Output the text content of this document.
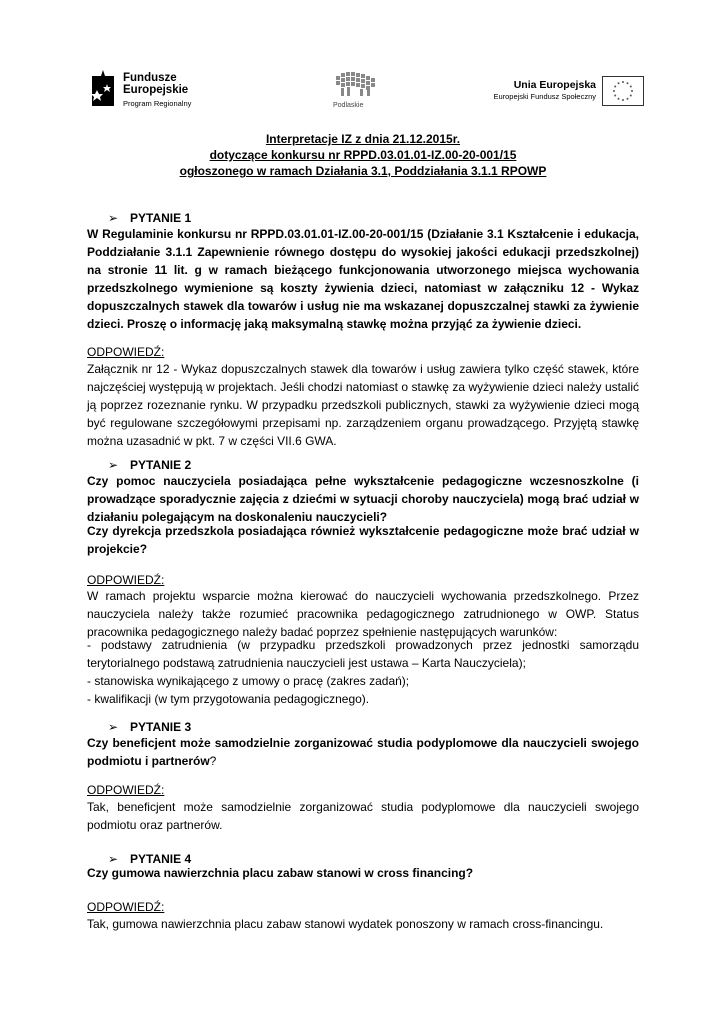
Fundusze
Europejskie
Program Regionalny	Podlaskie
Unia Europejska
Europejski Fundusz Społeczny
Interpretacje IZ z dnia 21.12.2015r.
dotyczące konkursu nr RPPD.03.01.01-IZ.00-20-001/15
ogłoszonego w ramach Działania 3.1, Poddziałania 3.1.1 RPOWP
➢ PYTANIE 1
W Regulaminie konkursu nr RPPD.03.01.01-IZ.00-20-001/15 (Działanie 3.1 Kształcenie i edukacja, Poddziałanie 3.1.1 Zapewnienie równego dostępu do wysokiej jakości edukacji przedszkolnej) na stronie 11 lit. g w ramach bieżącego funkcjonowania utworzonego miejsca wychowania przedszkolnego wymienione są koszty żywienia dzieci, natomiast w załączniku 12 - Wykaz dopuszczalnych stawek dla towarów i usług nie ma wskazanej dopuszczalnej stawki za żywienie dzieci. Proszę o informację jaką maksymalną stawkę można przyjąć za żywienie dzieci.
ODPOWIEDŹ:
Załącznik nr 12 - Wykaz dopuszczalnych stawek dla towarów i usług zawiera tylko część stawek, które najczęściej występują w projektach. Jeśli chodzi natomiast o stawkę za wyżywienie dzieci należy ustalić ją poprzez rozeznanie rynku. W przypadku przedszkoli publicznych, stawki za wyżywienie dzieci mogą być regulowane szczegółowymi przepisami np. zarządzeniem organu prowadzącego. Przyjętą stawkę można uzasadnić w pkt. 7 w części VII.6 GWA.
➢ PYTANIE 2
Czy pomoc nauczyciela posiadająca pełne wykształcenie pedagogiczne wczesnoszkolne (i prowadzące sporadycznie zajęcia z dziećmi w sytuacji choroby nauczyciela) mogą brać udział w działaniu polegającym na doskonaleniu nauczycieli?
Czy dyrekcja przedszkola posiadająca również wykształcenie pedagogiczne może brać udział w projekcie?
ODPOWIEDŹ:
W ramach projektu wsparcie można kierować do nauczycieli wychowania przedszkolnego. Przez nauczyciela należy także rozumieć pracownika pedagogicznego zatrudnionego w OWP. Status pracownika pedagogicznego należy badać poprzez spełnienie następujących warunków:

- podstawy zatrudnienia (w przypadku przedszkoli prowadzonych przez jednostki samorządu terytorialnego podstawą zatrudnienia nauczycieli jest ustawa – Karta Nauczyciela);

- stanowiska wynikającego z umowy o pracę (zakres zadań);

- kwalifikacji (w tym przygotowania pedagogicznego).

➢ PYTANIE 3
Czy beneficjent może samodzielnie zorganizować studia podyplomowe dla nauczycieli swojego podmiotu i partnerów?
ODPOWIEDŹ:
Tak, beneficjent może samodzielnie zorganizować studia podyplomowe dla nauczycieli swojego podmiotu oraz partnerów.
➢ PYTANIE 4
Czy gumowa nawierzchnia placu zabaw stanowi w cross financing?
ODPOWIEDŹ:
Tak, gumowa nawierzchnia placu zabaw stanowi wydatek ponoszony w ramach cross-financingu.
